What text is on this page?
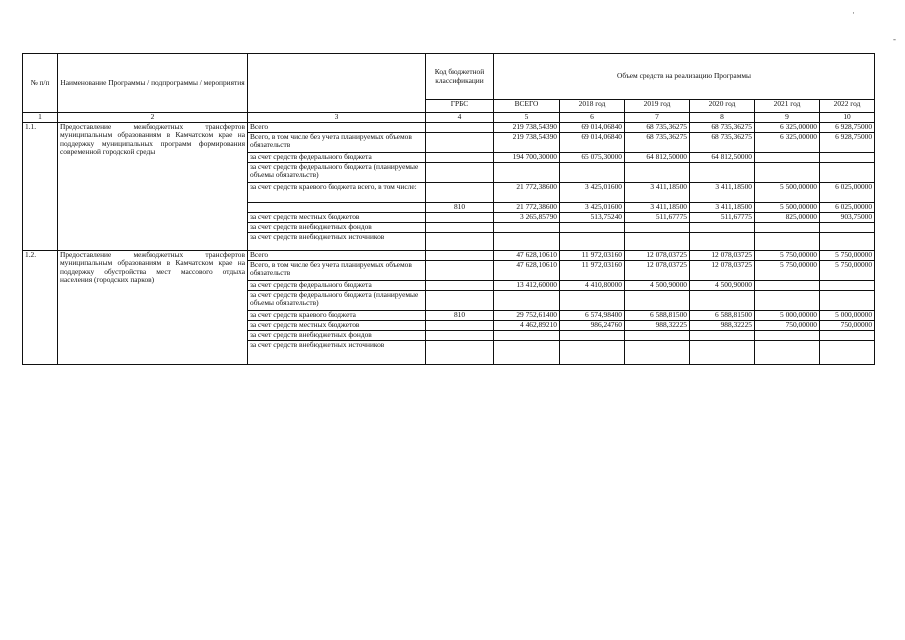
·
-
№ п/п	Наименование Программы / подпрограммы / мероприятия		Код бюджетной классификации	Объем средств на реализацию Программы					
			ГРБС	ВСЕГО	2018 год	2019 год	2020 год	2021 год	2022 год
1	2	3	4	5	6	7	8	9	10
1.1.	Предоставление межбюджетных трансфертов муниципальным образованиям в Камчатском крае на поддержку муниципальных программ формирования современной городской среды	Всего		219 738,54390	69 014,06840	68 735,36275	68 735,36275	6 325,00000	6 928,75000
		Всего, в том числе без учета планируемых объемов обязательств		219 738,54390	69 014,06840	68 735,36275	68 735,36275	6 325,00000	6 928,75000
		за счет средств федерального бюджета		194 700,30000	65 075,30000	64 812,50000	64 812,50000		
		за счет средств федерального бюджета (планируемые объемы обязательств)							
		за счет средств краевого бюджета всего, в том числе:		21 772,38600	3 425,01600	3 411,18500	3 411,18500	5 500,00000	6 025,00000
			810	21 772,38600	3 425,01600	3 411,18500	3 411,18500	5 500,00000	6 025,00000
		за счет средств местных бюджетов		3 265,85790	513,75240	511,67775	511,67775	825,00000	903,75000
		за счет средств внебюджетных фондов							
		за счет средств внебюджетных источников							
1.2.	Предоставление межбюджетных трансфертов муниципальным образованиям в Камчатском крае на поддержку обустройства мест массового отдыха населения (городских парков)	Всего		47 628,10610	11 972,03160	12 078,03725	12 078,03725	5 750,00000	5 750,00000
		Всего, в том числе без учета планируемых объемов обязательств		47 628,10610	11 972,03160	12 078,03725	12 078,03725	5 750,00000	5 750,00000
		за счет средств федерального бюджета		13 412,60000	4 410,80000	4 500,90000	4 500,90000		
		за счет средств федерального бюджета (планируемые объемы обязательств)							
		за счет средств краевого бюджета	810	29 752,61400	6 574,98400	6 588,81500	6 588,81500	5 000,00000	5 000,00000
		за счет средств местных бюджетов		4 462,89210	986,24760	988,32225	988,32225	750,00000	750,00000
		за счет средств внебюджетных фондов							
		за счет средств внебюджетных источников							
